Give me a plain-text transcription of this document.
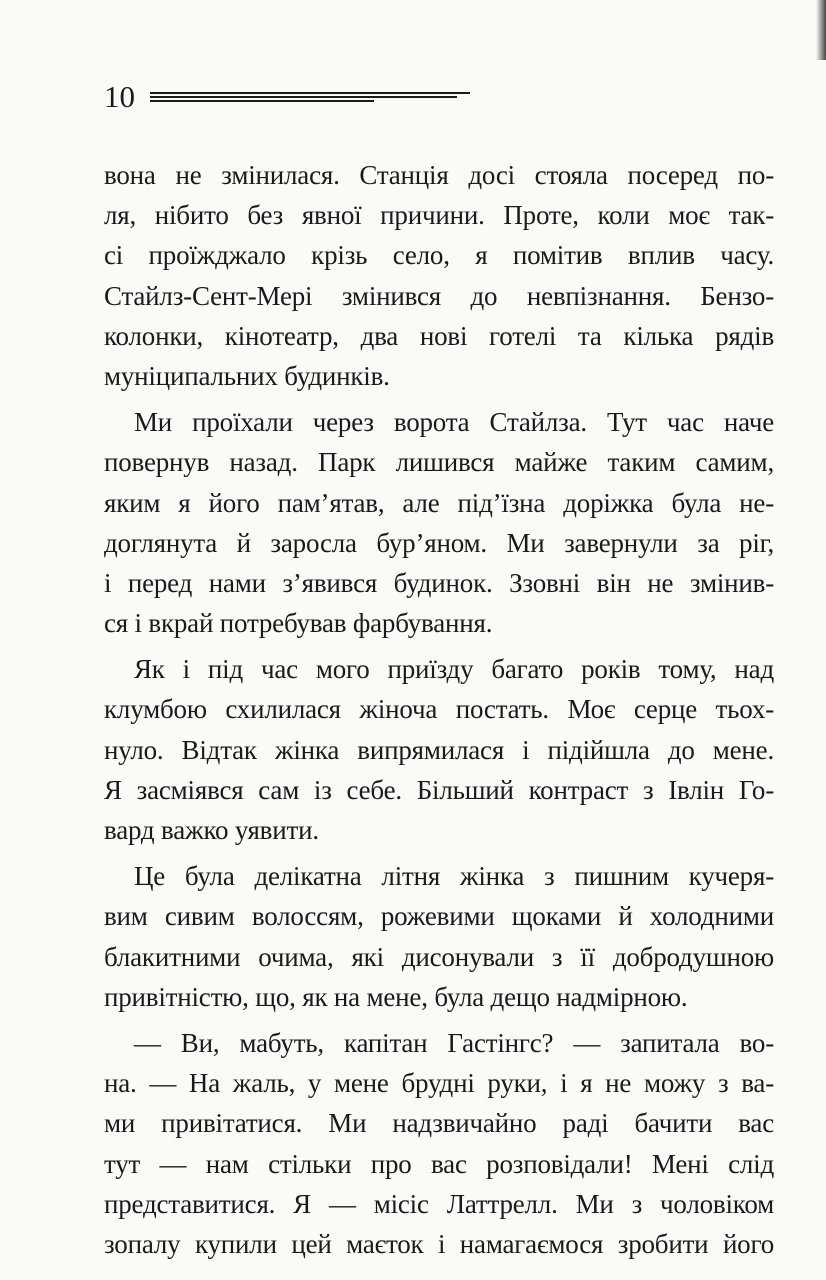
10
вона не змінилася. Станція досі стояла посеред по-
ля, нібито без явної причини. Проте, коли моє так-
сі проїжджало крізь село, я помітив вплив часу.
Стайлз-Сент-Мері змінився до невпізнання. Бензо-
колонки, кінотеатр, два нові готелі та кілька рядів
муніципальних будинків.
Ми проїхали через ворота Стайлза. Тут час наче
повернув назад. Парк лишився майже таким самим,
яким я його пам’ятав, але під’їзна доріжка була не-
доглянута й заросла бур’яном. Ми завернули за ріг,
і перед нами з’явився будинок. Ззовні він не змінив-
ся і вкрай потребував фарбування.
Як і під час мого приїзду багато років тому, над
клумбою схилилася жіноча постать. Моє серце тьох-
нуло. Відтак жінка випрямилася і підійшла до мене.
Я засміявся сам із себе. Більший контраст з Івлін Го-
вард важко уявити.
Це була делікатна літня жінка з пишним кучеря-
вим сивим волоссям, рожевими щоками й холодними
блакитними очима, які дисонували з її добродушною
привітністю, що, як на мене, була дещо надмірною.
— Ви, мабуть, капітан Гастінгс? — запитала во-
на. — На жаль, у мене брудні руки, і я не можу з ва-
ми привітатися. Ми надзвичайно раді бачити вас
тут — нам стільки про вас розповідали! Мені слід
представитися. Я — місіс Латтрелл. Ми з чоловіком
зопалу купили цей маєток і намагаємося зробити його
